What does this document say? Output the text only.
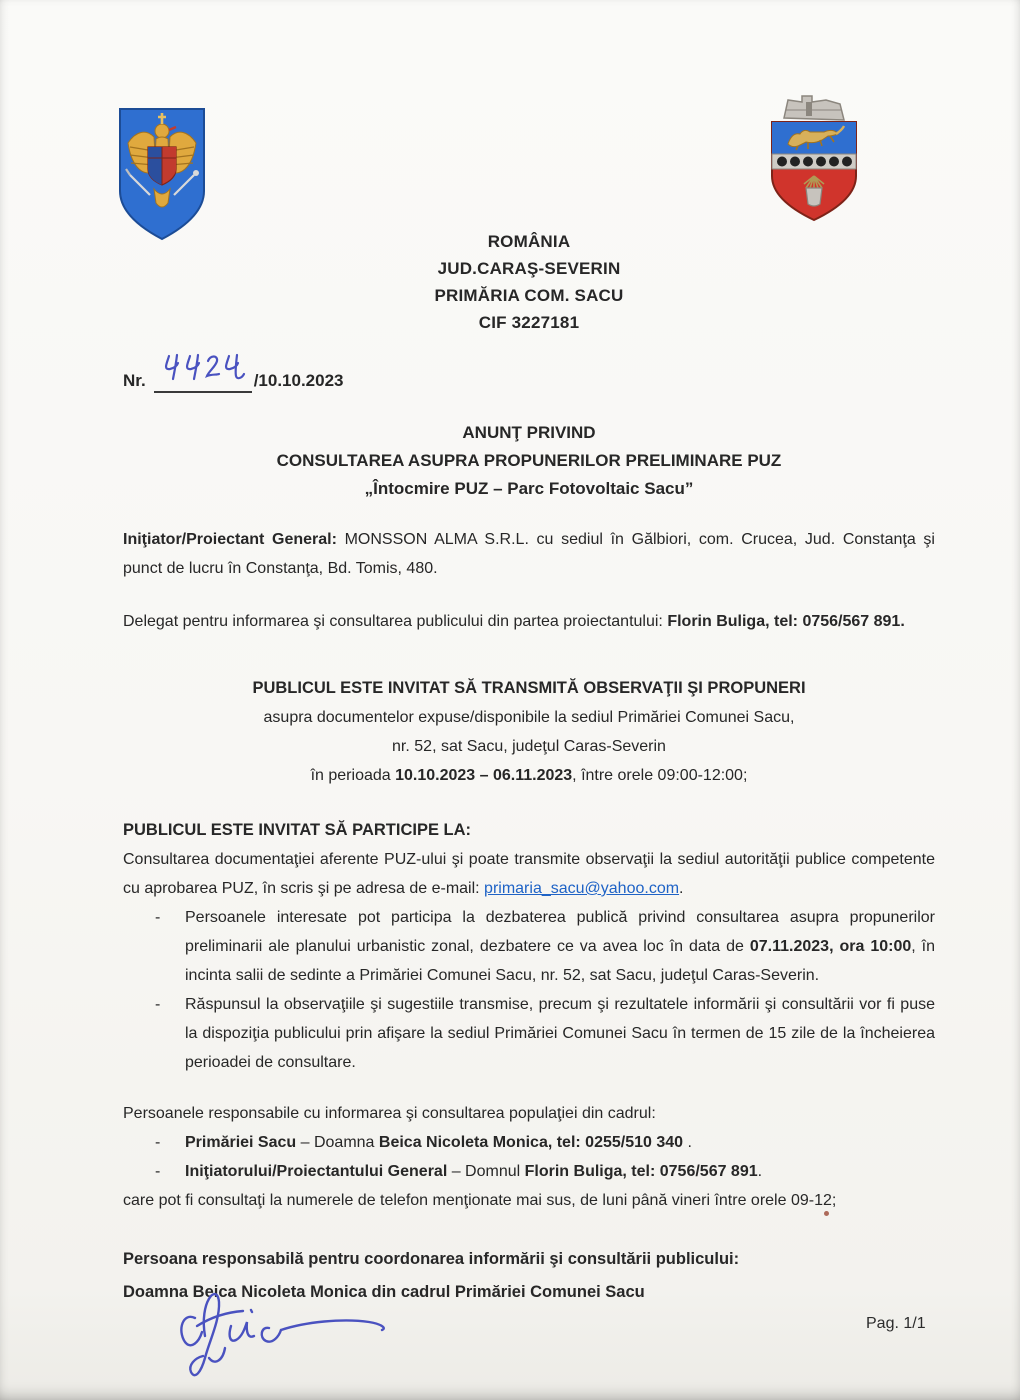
ROMÂNIA

JUD.CARAŞ-SEVERIN

PRIMĂRIA COM. SACU

CIF 3227181

Nr.	/10.10.2023

ANUNŢ PRIVIND

CONSULTAREA ASUPRA PROPUNERILOR PRELIMINARE PUZ

„Întocmire PUZ – Parc Fotovoltaic Sacu”

Iniţiator/Proiectant General: MONSSON ALMA S.R.L. cu sediul în Gălbiori, com. Crucea, Jud. Constanţa şi punct de lucru în Constanţa, Bd. Tomis, 480.

Delegat pentru informarea şi consultarea publicului din partea proiectantului: Florin Buliga, tel: 0756/567 891.

PUBLICUL ESTE INVITAT SĂ TRANSMITĂ OBSERVAŢII ŞI PROPUNERI

asupra documentelor expuse/disponibile la sediul Primăriei Comunei Sacu,

nr. 52, sat Sacu, judeţul Caras-Severin

în perioada 10.10.2023 – 06.11.2023, între orele 09:00-12:00;

PUBLICUL ESTE INVITAT SĂ PARTICIPE LA:

Consultarea documentaţiei aferente PUZ-ului şi poate transmite observaţii la sediul autorităţii publice competente cu aprobarea PUZ, în scris şi pe adresa de e-mail: primaria_sacu@yahoo.com.

-	Persoanele interesate pot participa la dezbaterea publică privind consultarea asupra propunerilor preliminarii ale planului urbanistic zonal, dezbatere ce va avea loc în data de 07.11.2023, ora 10:00, în incinta salii de sedinte a Primăriei Comunei Sacu, nr. 52, sat Sacu, judeţul Caras-Severin.
-	Răspunsul la observaţiile şi sugestiile transmise, precum şi rezultatele informării şi consultării vor fi puse la dispoziţia publicului prin afişare la sediul Primăriei Comunei Sacu în termen de 15 zile de la încheierea perioadei de consultare.

Persoanele responsabile cu informarea şi consultarea populaţiei din cadrul:

-	Primăriei Sacu – Doamna Beica Nicoleta Monica, tel: 0255/510 340 .
-	Iniţiatorului/Proiectantului General – Domnul Florin Buliga, tel: 0756/567 891.

care pot fi consultaţi la numerele de telefon menţionate mai sus, de luni până vineri între orele 09-12;

Persoana responsabilă pentru coordonarea informării şi consultării publicului:

Doamna Beica Nicoleta Monica din cadrul Primăriei Comunei Sacu

Pag. 1/1
